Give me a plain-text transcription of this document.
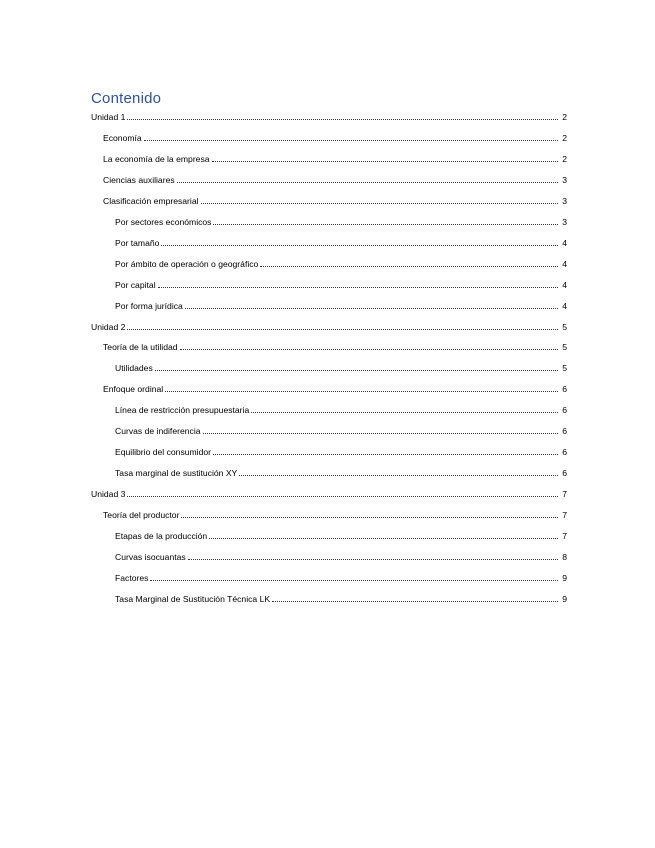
Contenido
Unidad 1	2
Economía	2
La economía de la empresa	2
Ciencias auxiliares	3
Clasificación empresarial	3
Por sectores económicos	3
Por tamaño	4
Por ámbito de operación o geográfico	4
Por capital	4
Por forma jurídica	4
Unidad 2	5
Teoría de la utilidad	5
Utilidades	5
Enfoque ordinal	6
Línea de restricción presupuestaria	6
Curvas de indiferencia	6
Equilibrio del consumidor	6
Tasa marginal de sustitución XY	6
Unidad 3	7
Teoría del productor	7
Etapas de la producción	7
Curvas isocuantas	8
Factores	9
Tasa Marginal de Sustitución Técnica LK	9
